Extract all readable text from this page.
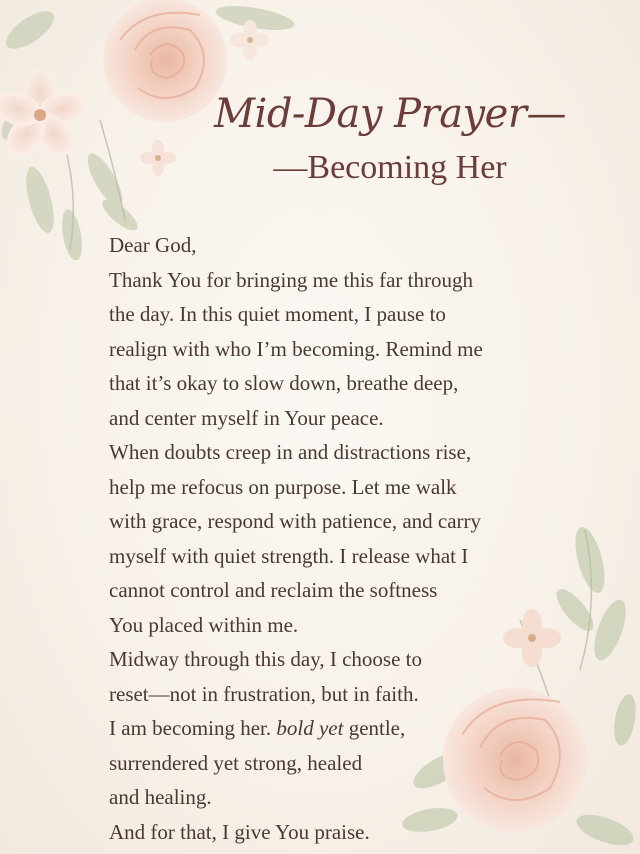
Mid-Day Prayer—
—Becoming Her
Dear God,
Thank You for bringing me this far through
the day. In this quiet moment, I pause to
realign with who I’m becoming. Remind me
that it’s okay to slow down, breathe deep,
and center myself in Your peace.
When doubts creep in and distractions rise,
help me refocus on purpose. Let me walk
with grace, respond with patience, and carry
myself with quiet strength. I release what I
cannot control and reclaim the softness
You placed within me.
Midway through this day, I choose to
reset—not in frustration, but in faith.
I am becoming her. bold yet gentle,
surrendered yet strong, healed
and healing.
And for that, I give You praise.
